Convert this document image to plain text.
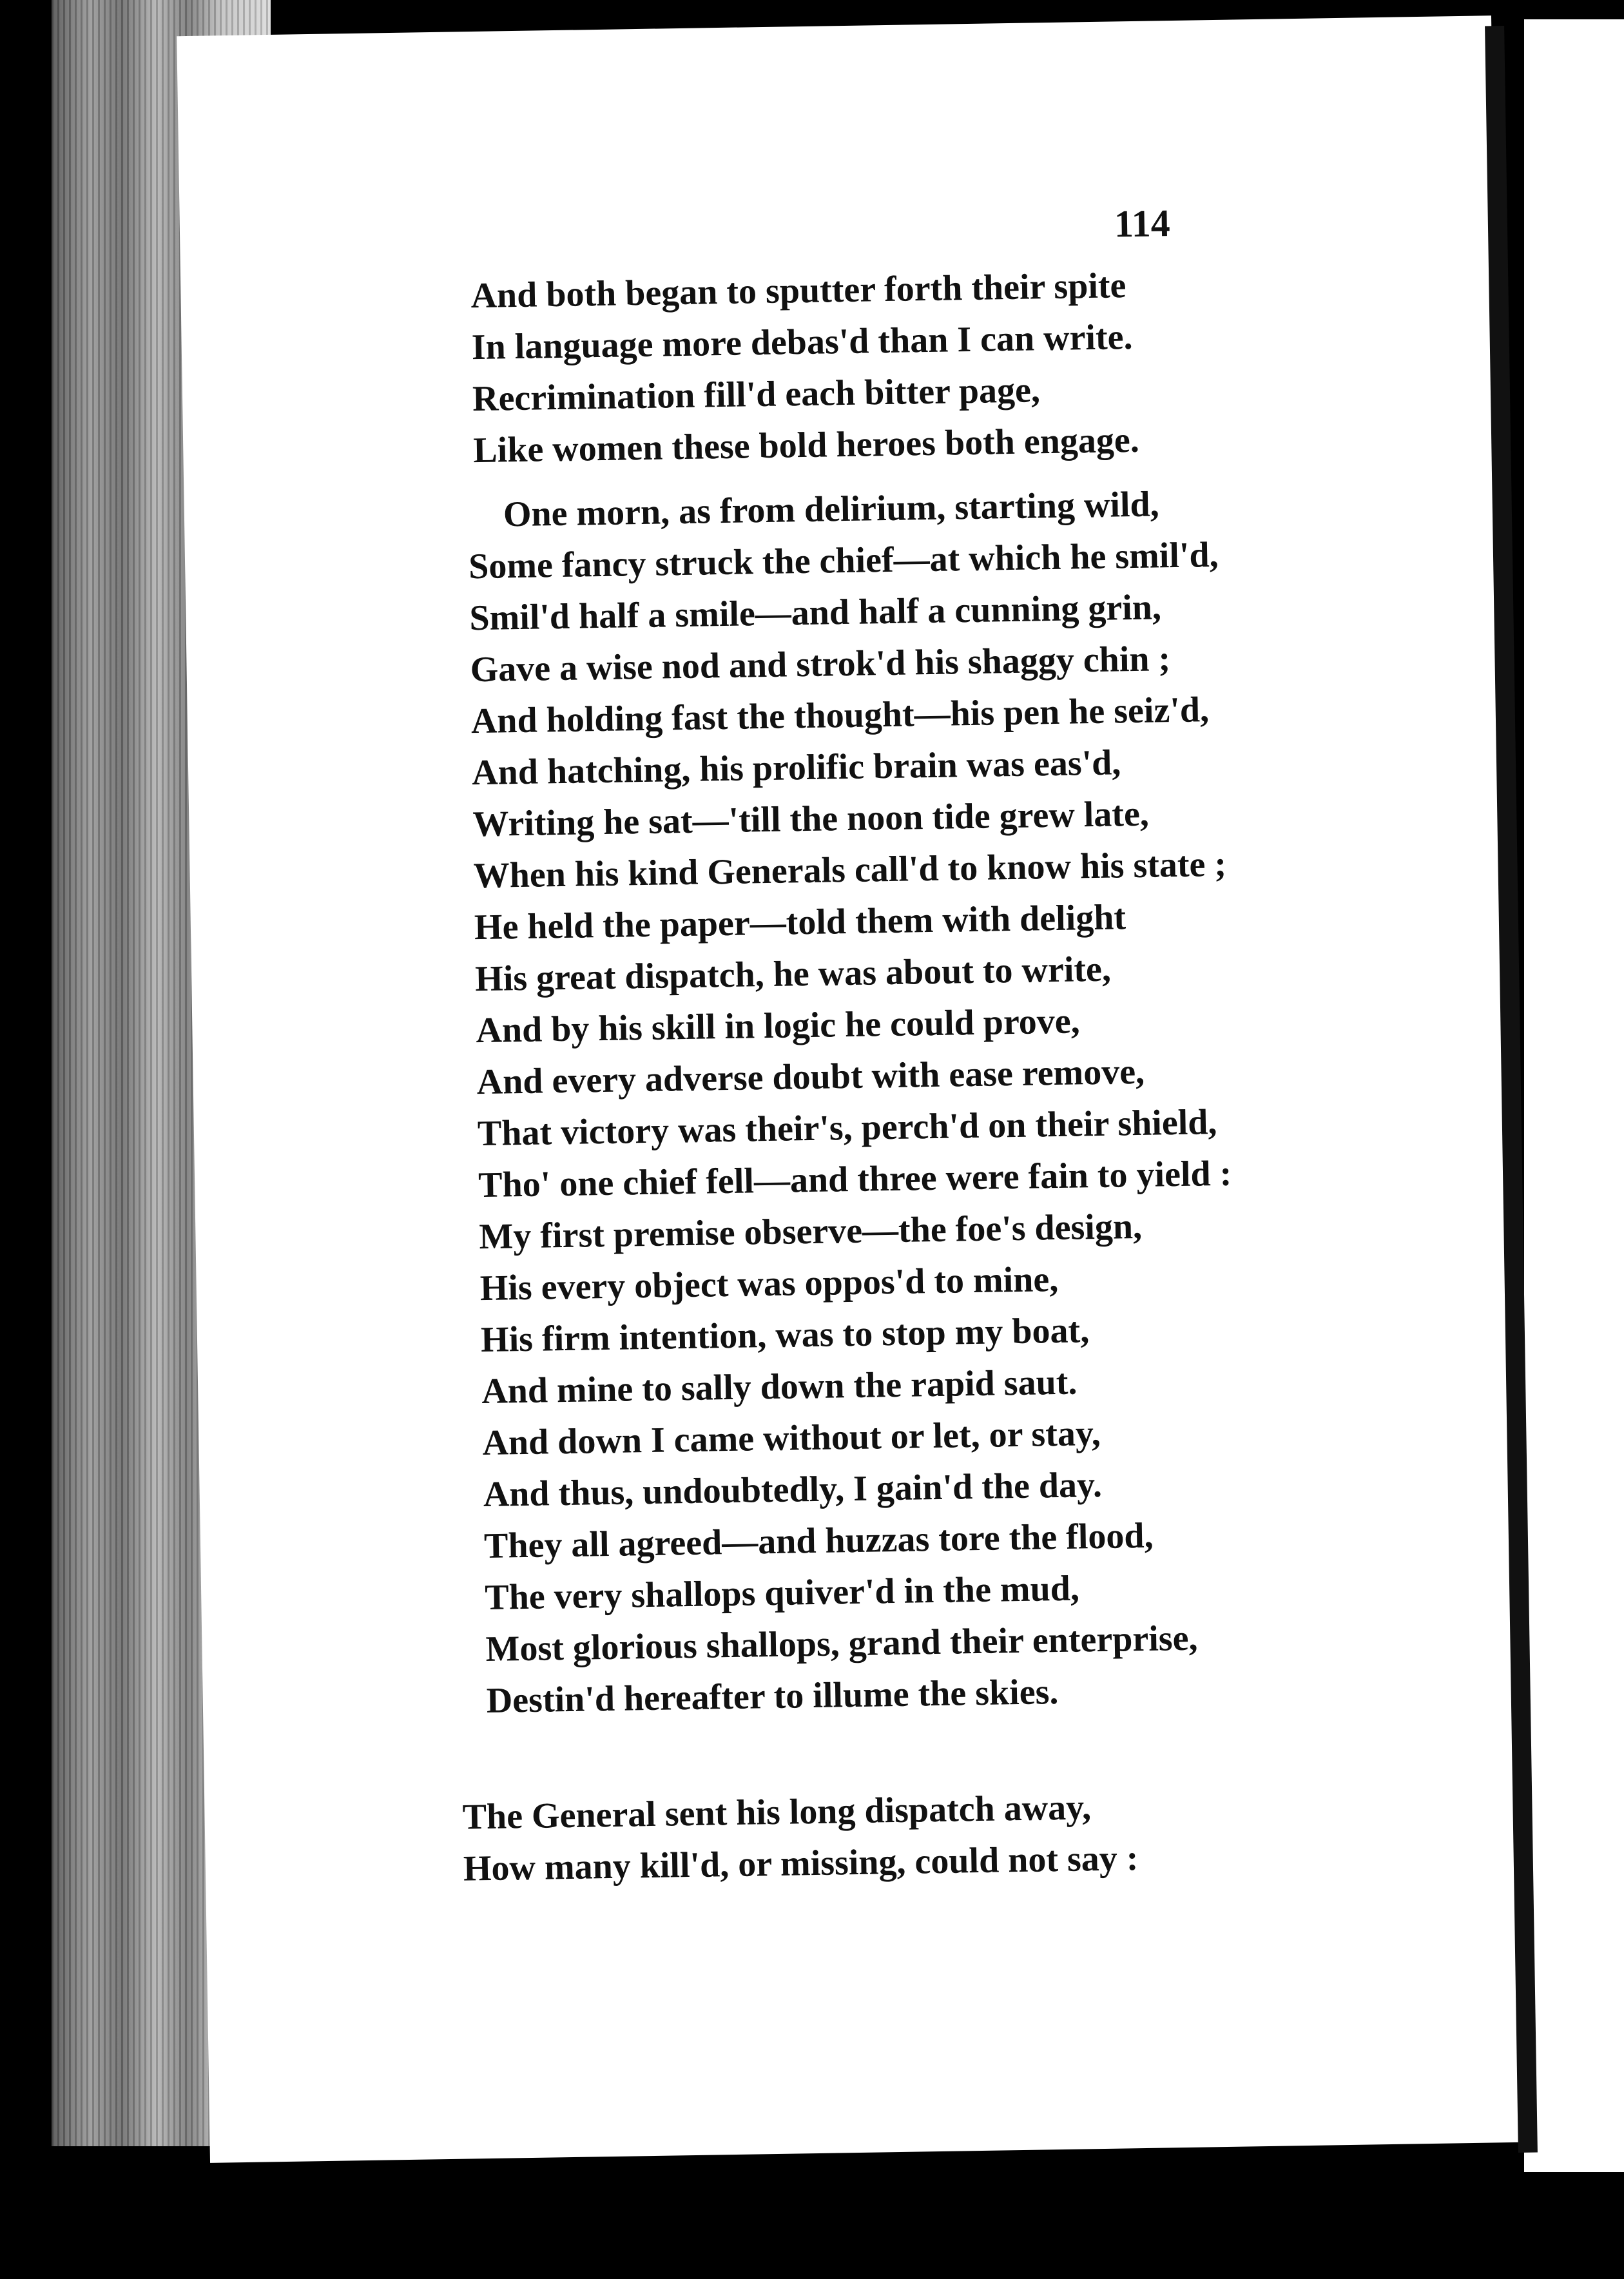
114
And both began to sputter forth their spite
In language more debas'd than I can write.
Recrimination fill'd each bitter page,
Like women these bold heroes both engage.
One morn, as from delirium, starting wild,
Some fancy struck the chief—at which he smil'd,
Smil'd half a smile—and half a cunning grin,
Gave a wise nod and strok'd his shaggy chin ;
And holding fast the thought—his pen he seiz'd,
And hatching, his prolific brain was eas'd,
Writing he sat—'till the noon tide grew late,
When his kind Generals call'd to know his state ;
He held the paper—told them with delight
His great dispatch, he was about to write,
And by his skill in logic he could prove,
And every adverse doubt with ease remove,
That victory was their's, perch'd on their shield,
Tho' one chief fell—and three were fain to yield :
My first premise observe—the foe's design,
His every object was oppos'd to mine,
His firm intention, was to stop my boat,
And mine to sally down the rapid saut.
And down I came without or let, or stay,
And thus, undoubtedly, I gain'd the day.
They all agreed—and huzzas tore the flood,
The very shallops quiver'd in the mud,
Most glorious shallops, grand their enterprise,
Destin'd hereafter to illume the skies.
The General sent his long dispatch away,
How many kill'd, or missing, could not say :
